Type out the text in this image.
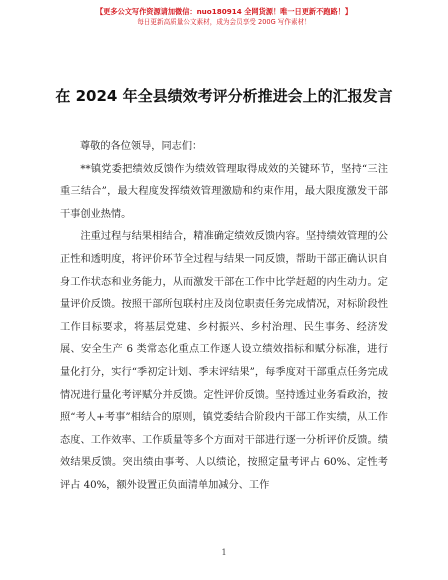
【更多公文写作资源请加微信：nuo180914 全网货源！唯一日更新不跑路！】
每日更新高质量公文素材，成为会员享受 200G 写作素材！
在 2024 年全县绩效考评分析推进会上的汇报发言

尊敬的各位领导，同志们：

**镇党委把绩效反馈作为绩效管理取得成效的关键环节，坚持“三注重三结合”，最大程度发挥绩效管理激励和约束作用，最大限度激发干部干事创业热情。

注重过程与结果相结合，精准确定绩效反馈内容。坚持绩效管理的公正性和透明度，将评价环节全过程与结果一同反馈，帮助干部正确认识自身工作状态和业务能力，从而激发干部在工作中比学赶超的内生动力。定量评价反馈。按照干部所包联村庄及岗位职责任务完成情况，对标阶段性工作目标要求，将基层党建、乡村振兴、乡村治理、民生事务、经济发展、安全生产 6 类常态化重点工作逐人设立绩效指标和赋分标准，进行量化打分，实行“季初定计划、季末评结果”，每季度对干部重点任务完成情况进行量化考评赋分并反馈。定性评价反馈。坚持透过业务看政治，按照“考人+考事”相结合的原则，镇党委结合阶段内干部工作实绩，从工作态度、工作效率、工作质量等多个方面对干部进行逐一分析评价反馈。绩效结果反馈。突出绩由事考、人以绩论，按照定量考评占 60%、定性考评占 40%，额外设置正负面清单加减分、工作

1
